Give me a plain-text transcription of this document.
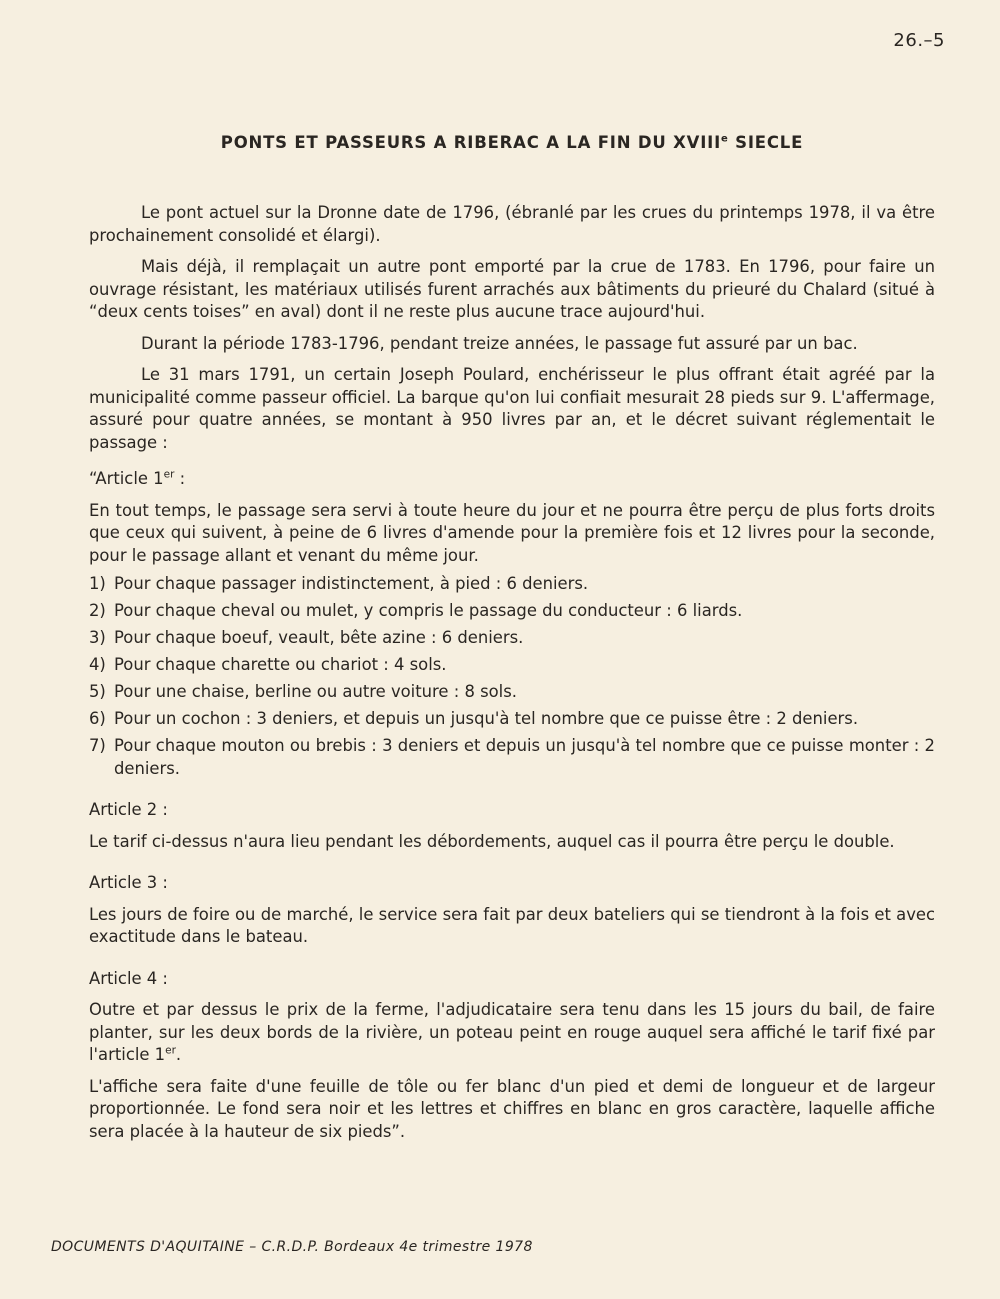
26.–5
PONTS ET PASSEURS A RIBERAC A LA FIN DU XVIIIe SIECLE

Le pont actuel sur la Dronne date de 1796, (ébranlé par les crues du printemps 1978, il va être prochainement consolidé et élargi).

Mais déjà, il remplaçait un autre pont emporté par la crue de 1783. En 1796, pour faire un ouvrage résistant, les matériaux utilisés furent arrachés aux bâtiments du prieuré du Chalard (situé à “deux cents toises” en aval) dont il ne reste plus aucune trace aujourd'hui.

Durant la période 1783-1796, pendant treize années, le passage fut assuré par un bac.

Le 31 mars 1791, un certain Joseph Poulard, enchérisseur le plus offrant était agréé par la municipalité comme passeur officiel. La barque qu'on lui confiait mesurait 28 pieds sur 9. L'affermage, assuré pour quatre années, se montant à 950 livres par an, et le décret suivant réglementait le passage :

“Article 1er :

En tout temps, le passage sera servi à toute heure du jour et ne pourra être perçu de plus forts droits que ceux qui suivent, à peine de 6 livres d'amende pour la première fois et 12 livres pour la seconde, pour le passage allant et venant du même jour.

1) Pour chaque passager indistinctement, à pied : 6 deniers.
2) Pour chaque cheval ou mulet, y compris le passage du conducteur : 6 liards.
3) Pour chaque boeuf, veault, bête azine : 6 deniers.
4) Pour chaque charette ou chariot : 4 sols.
5) Pour une chaise, berline ou autre voiture : 8 sols.
6) Pour un cochon : 3 deniers, et depuis un jusqu'à tel nombre que ce puisse être : 2 deniers.
7) Pour chaque mouton ou brebis : 3 deniers et depuis un jusqu'à tel nombre que ce puisse monter : 2 deniers.

Article 2 :

Le tarif ci-dessus n'aura lieu pendant les débordements, auquel cas il pourra être perçu le double.

Article 3 :

Les jours de foire ou de marché, le service sera fait par deux bateliers qui se tiendront à la fois et avec exactitude dans le bateau.

Article 4 :

Outre et par dessus le prix de la ferme, l'adjudicataire sera tenu dans les 15 jours du bail, de faire planter, sur les deux bords de la rivière, un poteau peint en rouge auquel sera affiché le tarif fixé par l'article 1er.

L'affiche sera faite d'une feuille de tôle ou fer blanc d'un pied et demi de longueur et de largeur proportionnée. Le fond sera noir et les lettres et chiffres en blanc en gros caractère, laquelle affiche sera placée à la hauteur de six pieds”.

DOCUMENTS D'AQUITAINE – C.R.D.P. Bordeaux 4e trimestre 1978
